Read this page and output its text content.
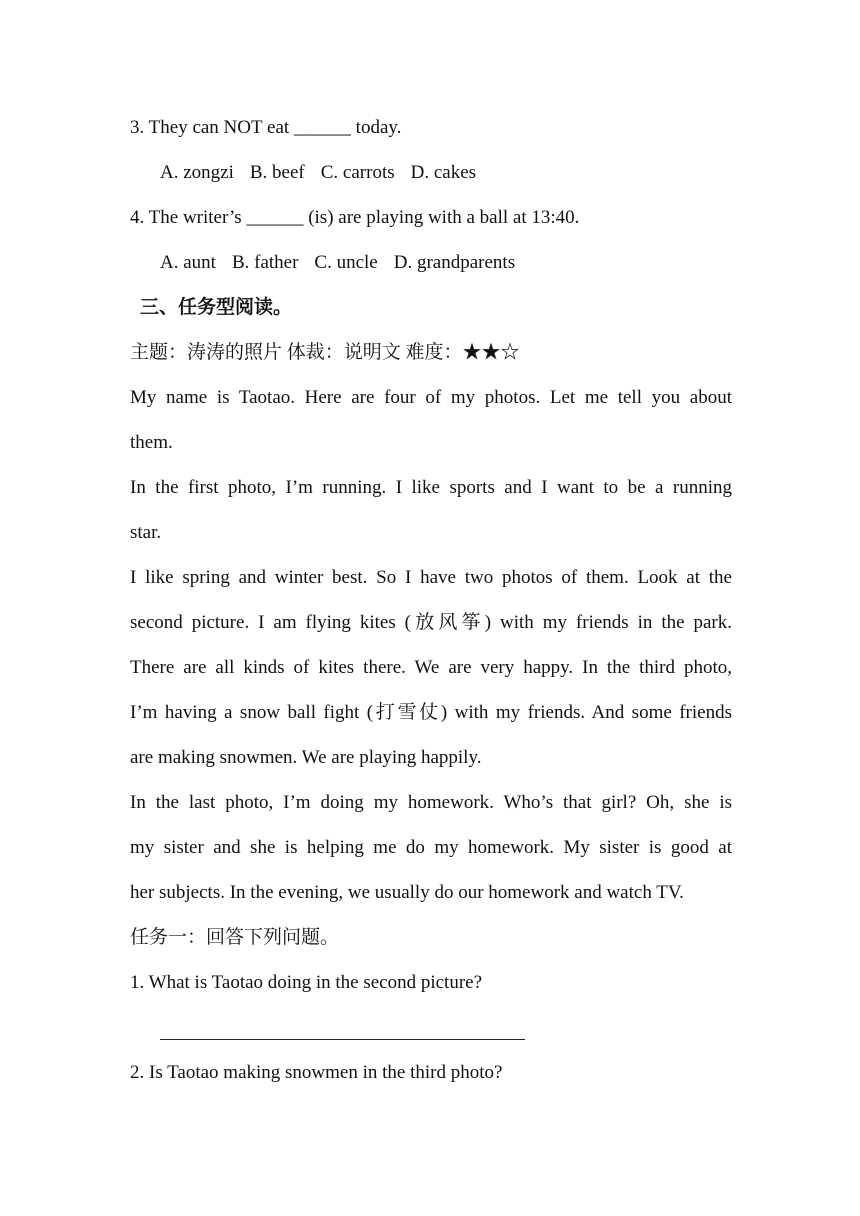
3. They can NOT eat ______ today.
A. zongzi B. beef C. carrots D. cakes
4. The writer’s ______ (is) are playing with a ball at 13:40.
A. aunt B. father C. uncle D. grandparents
三、任务型阅读。
主题：涛涛的照片 体裁：说明文 难度：★★☆
My name is Taotao. Here are four of my photos. Let me tell you about
them.
In the first photo, I’m running. I like sports and I want to be a running
star.
I like spring and winter best. So I have two photos of them. Look at the
second picture. I am flying kites (放风筝) with my friends in the park.
There are all kinds of kites there. We are very happy. In the third photo,
I’m having a snow ball fight (打雪仗) with my friends. And some friends
are making snowmen. We are playing happily.
In the last photo, I’m doing my homework. Who’s that girl? Oh, she is
my sister and she is helping me do my homework. My sister is good at
her subjects. In the evening, we usually do our homework and watch TV.
任务一：回答下列问题。
1. What is Taotao doing in the second picture?
2. Is Taotao making snowmen in the third photo?
